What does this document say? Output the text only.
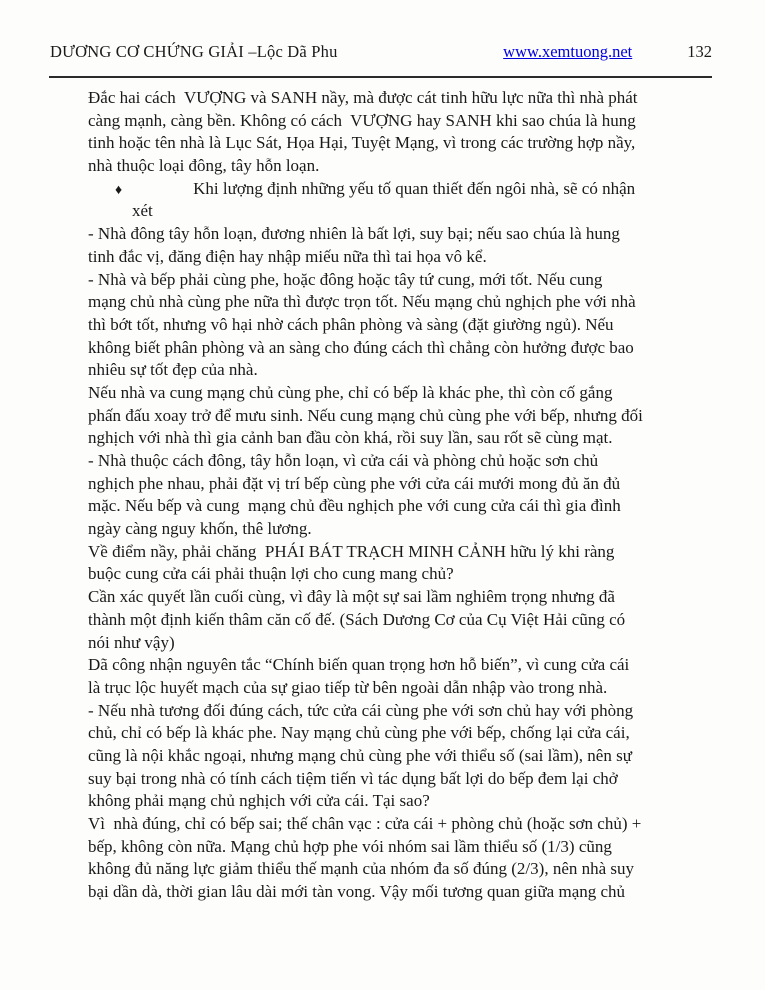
DƯƠNG CƠ CHỨNG GIẢI –Lộc Dã Phu	www.xemtuong.net	132
Đắc hai cách  VƯỢNG và SANH nầy, mà được cát tinh hữu lực nữa thì nhà phát
càng mạnh, càng bền. Không có cách  VƯỢNG hay SANH khi sao chúa là hung
tinh hoặc tên nhà là Lục Sát, Họa Hại, Tuyệt Mạng, vì trong các trường hợp nầy,
nhà thuộc loại đông, tây hỗn loạn.
♦	Khi lượng định những yếu tố quan thiết đến ngôi nhà, sẽ có nhận
xét
- Nhà đông tây hỗn loạn, đương nhiên là bất lợi, suy bại; nếu sao chúa là hung
tinh đắc vị, đăng điện hay nhập miếu nữa thì tai họa vô kể.
- Nhà và bếp phải cùng phe, hoặc đông hoặc tây tứ cung, mới tốt. Nếu cung
mạng chủ nhà cùng phe nữa thì được trọn tốt. Nếu mạng chủ nghịch phe với nhà
thì bớt tốt, nhưng vô hại nhờ cách phân phòng và sàng (đặt giường ngủ). Nếu
không biết phân phòng và an sàng cho đúng cách thì chẳng còn hưởng được bao
nhiêu sự tốt đẹp của nhà.
Nếu nhà va cung mạng chủ cùng phe, chỉ có bếp là khác phe, thì còn cố gắng
phấn đấu xoay trở để mưu sinh. Nếu cung mạng chủ cùng phe với bếp, nhưng đối
nghịch với nhà thì gia cảnh ban đầu còn khá, rồi suy lần, sau rốt sẽ cùng mạt.
- Nhà thuộc cách đông, tây hỗn loạn, vì cửa cái và phòng chủ hoặc sơn chủ
nghịch phe nhau, phải đặt vị trí bếp cùng phe với cửa cái mưới mong đủ ăn đủ
mặc. Nếu bếp và cung  mạng chủ đều nghịch phe với cung cửa cái thì gia đình
ngày càng nguy khốn, thê lương.
Về điểm nầy, phải chăng  PHÁI BÁT TRẠCH MINH CẢNH hữu lý khi ràng
buộc cung cửa cái phải thuận lợi cho cung mang chủ?
Cần xác quyết lần cuối cùng, vì đây là một sự sai lầm nghiêm trọng nhưng đã
thành một định kiến thâm căn cố đế. (Sách Dương Cơ của Cụ Việt Hải cũng có
nói như vậy)
Dã công nhận nguyên tắc “Chính biến quan trọng hơn hỗ biến”, vì cung cửa cái
là trục lộc huyết mạch của sự giao tiếp từ bên ngoài dẫn nhập vào trong nhà.
- Nếu nhà tương đối đúng cách, tức cửa cái cùng phe với sơn chủ hay với phòng
chủ, chỉ có bếp là khác phe. Nay mạng chủ cùng phe với bếp, chống lại cửa cái,
cũng là nội khắc ngoại, nhưng mạng chủ cùng phe với thiểu số (sai lầm), nên sự
suy bại trong nhà có tính cách tiệm tiến vì tác dụng bất lợi do bếp đem lại chở
không phải mạng chủ nghịch với cửa cái. Tại sao?
Vì  nhà đúng, chỉ có bếp sai; thế chân vạc : cửa cái + phòng chủ (hoặc sơn chủ) +
bếp, không còn nữa. Mạng chủ hợp phe vói nhóm sai lầm thiểu số (1/3) cũng
không đủ năng lực giảm thiểu thế mạnh của nhóm đa số đúng (2/3), nên nhà suy
bại dần dà, thời gian lâu dài mới tàn vong. Vậy mối tương quan giữa mạng chủ
